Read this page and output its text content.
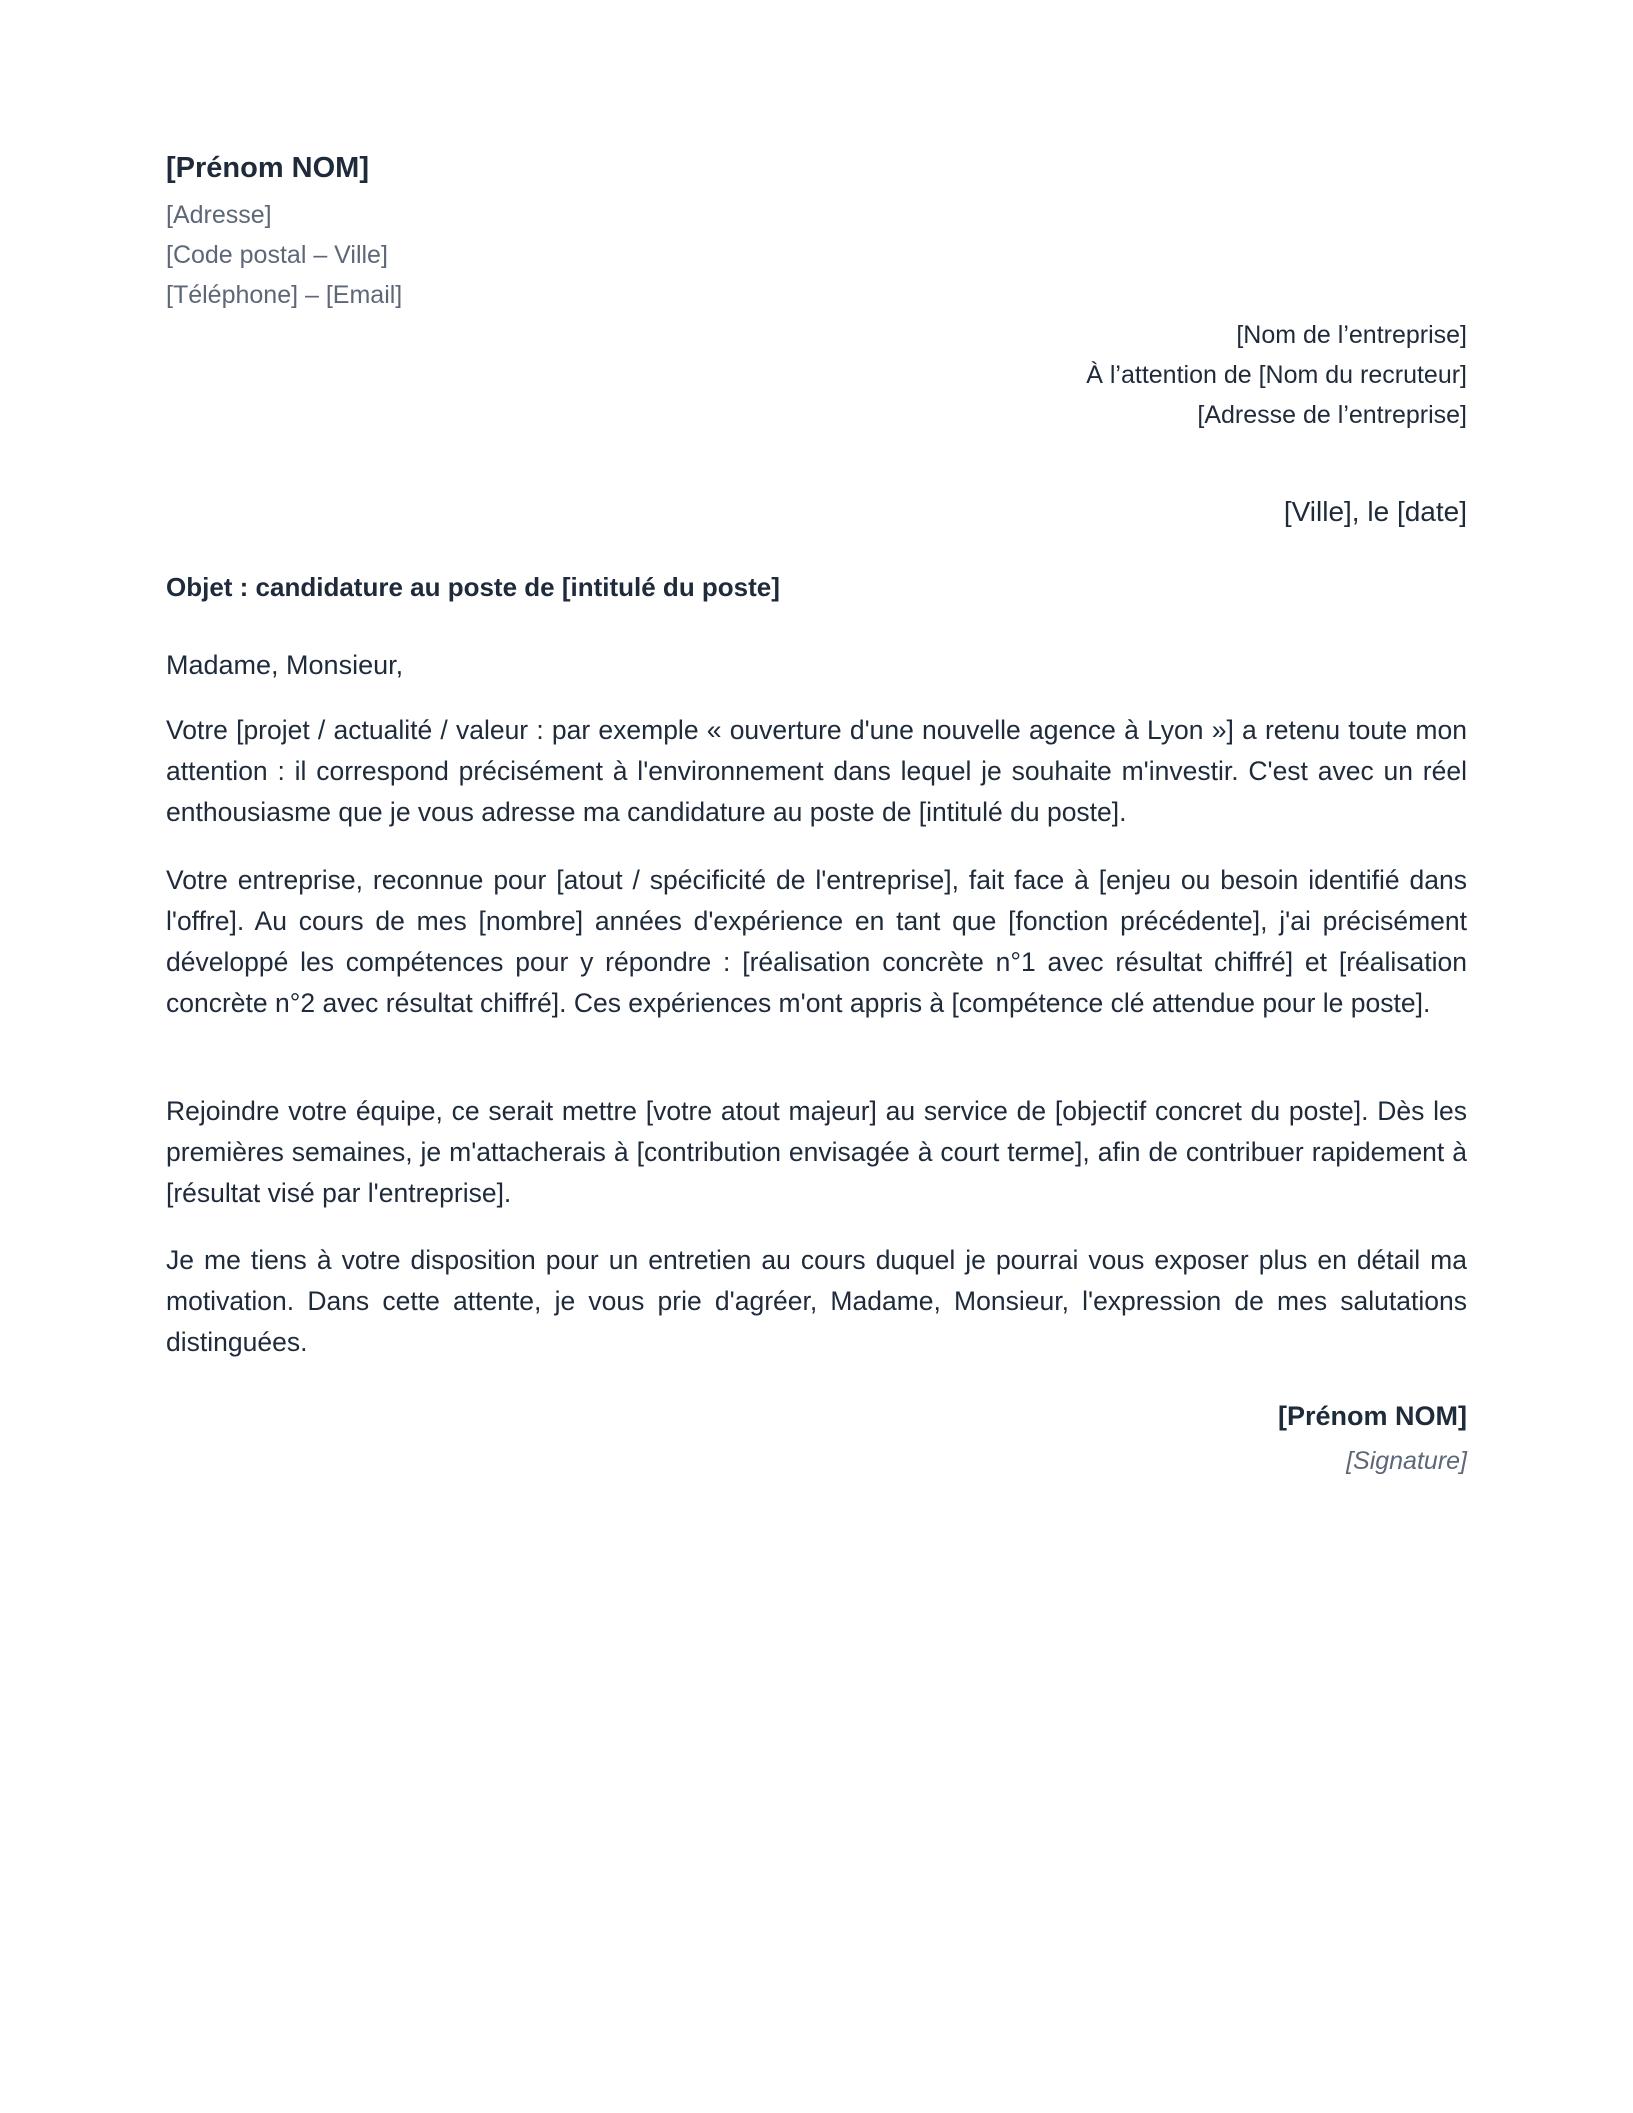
[Prénom NOM]
[Adresse]
[Code postal – Ville]
[Téléphone] – [Email]
[Nom de l’entreprise]
À l’attention de [Nom du recruteur]
[Adresse de l’entreprise]
[Ville], le [date]
Objet : candidature au poste de [intitulé du poste]
Madame, Monsieur,

Votre [projet / actualité / valeur : par exemple « ouverture d'une nouvelle agence à Lyon »] a retenu toute mon attention : il correspond précisément à l'environnement dans lequel je souhaite m'investir. C'est avec un réel enthousiasme que je vous adresse ma candidature au poste de [intitulé du poste].

Votre entreprise, reconnue pour [atout / spécificité de l'entreprise], fait face à [enjeu ou besoin identifié dans l'offre]. Au cours de mes [nombre] années d'expérience en tant que [fonction précédente], j'ai précisément développé les compétences pour y répondre : [réalisation concrète n°1 avec résultat chiffré] et [réalisation concrète n°2 avec résultat chiffré]. Ces expériences m'ont appris à [compétence clé attendue pour le poste].

Rejoindre votre équipe, ce serait mettre [votre atout majeur] au service de [objectif concret du poste]. Dès les premières semaines, je m'attacherais à [contribution envisagée à court terme], afin de contribuer rapidement à [résultat visé par l'entreprise].

Je me tiens à votre disposition pour un entretien au cours duquel je pourrai vous exposer plus en détail ma motivation. Dans cette attente, je vous prie d'agréer, Madame, Monsieur, l'expression de mes salutations distinguées.

[Prénom NOM]
[Signature]
